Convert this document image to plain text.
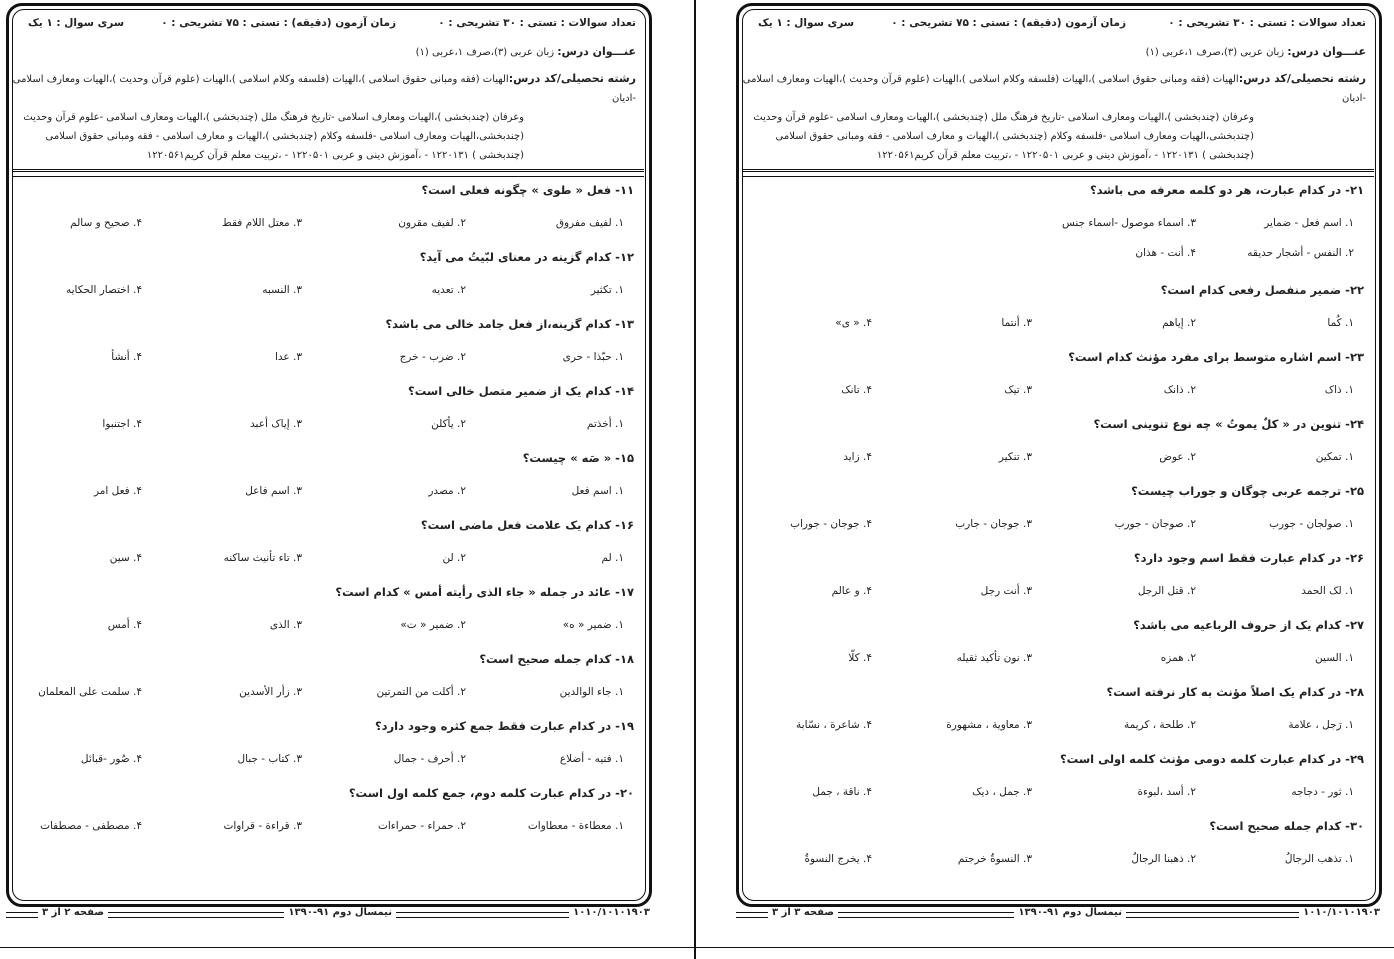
تعداد سوالات : تستی : ۳۰ تشریحی : ۰
زمان آزمون (دقیقه) : تستی : ۷۵ تشریحی : ۰
سری سوال : ۱ یک
عنـــوان درس: زبان عربی (۳)،صرف ۱،عربی (۱)
رشته تحصیلی/کد درس:الهیات (فقه ومبانی حقوق اسلامی )،الهیات (فلسفه وکلام اسلامی )،الهیات (علوم قرآن وحدیث )،الهیات ومعارف اسلامی -ادیان
وعرفان (چندبخشی )،الهیات ومعارف اسلامی -تاریخ فرهنگ ملل (چندبخشی )،الهیات ومعارف اسلامی -علوم قرآن وحدیث
(چندبخشی،الهیات ومعارف اسلامی -فلسفه وکلام (چندبخشی )،الهیات و معارف اسلامی - فقه ومبانی حقوق اسلامی
(چندبخشی ) ۱۲۲۰۱۳۱ - ،آموزش دینی و عربی ۱۲۲۰۵۰۱ - ،تربیت معلم قرآن کریم۱۲۲۰۵۶۱
۱۱- فعل « طوی » چگونه فعلی است؟
۱. لفیف مفروق
۲. لفیف مقرون
۳. معتل اللام فقط
۴. صحیح و سالم
۱۲- کدام گزینه در معنای لبّیتُ می آید؟
۱. تکثیر
۲. تعدیه
۳. النسبه
۴. اختصار الحکایه
۱۳- کدام گزینه،از فعل جامد خالی می باشد؟
۱. حبّذا - حری
۲. ضرب - خرج
۳. عدا
۴. أنشأ
۱۴- کدام یک از ضمیر متصل خالی است؟
۱. أخذتم
۲. یأکلن
۳. إیاک أعبد
۴. اجتنبوا
۱۵- « صَه » چیست؟
۱. اسم فعل
۲. مصدر
۳. اسم فاعل
۴. فعل امر
۱۶- کدام یک علامت فعل ماضی است؟
۱. لم
۲. لن
۳. تاء تأنیث ساکنه
۴. سین
۱۷- عائد در جمله « جاء الذی رأیته أمس » کدام است؟
۱. ضمیر « ه»
۲. ضمیر « ت»
۳. الذی
۴. أمس
۱۸- کدام جمله صحیح است؟
۱. جاء الوالدین
۲. أکلت من التمرتین
۳. زأر الأسدین
۴. سلمت علی المعلمان
۱۹- در کدام عبارت فقط جمع کثره وجود دارد؟
۱. فتیه - أضلاع
۲. أحرف - جمال
۳. کتاب - جبال
۴. صُور -قبائل
۲۰- در کدام عبارت کلمه دوم، جمع کلمه اول است؟
۱. معطاءة - معطاوات
۲. حمراء - حمراءات
۳. قراءة - قراوات
۴. مصطفی - مصطفات
۱۰۱۰/۱۰۱۰۱۹۰۳
نیمسال دوم ۹۱-۱۳۹۰
صفحه ۲ از ۳
تعداد سوالات : تستی : ۳۰ تشریحی : ۰
زمان آزمون (دقیقه) : تستی : ۷۵ تشریحی : ۰
سری سوال : ۱ یک
عنـــوان درس: زبان عربی (۳)،صرف ۱،عربی (۱)
رشته تحصیلی/کد درس:الهیات (فقه ومبانی حقوق اسلامی )،الهیات (فلسفه وکلام اسلامی )،الهیات (علوم قرآن وحدیث )،الهیات ومعارف اسلامی -ادیان
وعرفان (چندبخشی )،الهیات ومعارف اسلامی -تاریخ فرهنگ ملل (چندبخشی )،الهیات ومعارف اسلامی -علوم قرآن وحدیث
(چندبخشی،الهیات ومعارف اسلامی -فلسفه وکلام (چندبخشی )،الهیات و معارف اسلامی - فقه ومبانی حقوق اسلامی
(چندبخشی ) ۱۲۲۰۱۳۱ - ،آموزش دینی و عربی ۱۲۲۰۵۰۱ - ،تربیت معلم قرآن کریم۱۲۲۰۵۶۱
۲۱- در کدام عبارت، هر دو کلمه معرفه می باشد؟
۱. اسم فعل - ضمایر
۲. النفس - أشجار حدیقه
۳. اسماء موصول -اسماء جنس
۴. أنت - هذان
۲۲- ضمیر منفصل رفعی کدام است؟
۱. کُما
۲. إیاهم
۳. أنتما
۴. « ی»
۲۳- اسم اشاره متوسط برای مفرد مؤنث کدام است؟
۱. ذاک
۲. ذانک
۳. تیک
۴. تانک
۲۴- تنوین در « کلٌ یموتُ » چه نوع تنوینی است؟
۱. تمکین
۲. عوض
۳. تنکیر
۴. زاید
۲۵- ترجمه عربی چوگان و جوراب چیست؟
۱. صولجان - جورب
۲. صوجان - جورب
۳. جوجان - جارب
۴. جوجان - جوراب
۲۶- در کدام عبارت فقط اسم وجود دارد؟
۱. لک الحمد
۲. قتل الرجل
۳. أنت رجل
۴. و عالم
۲۷- کدام یک از حروف الرباعیه می باشد؟
۱. السین
۲. همزه
۳. نون تأکید ثقیله
۴. کلّا
۲۸- در کدام یک اصلاً مؤنث به کار نرفته است؟
۱. رَجل ، علامة
۲. طلحة ، کریمة
۳. معاویة ، مشهورة
۴. شاعرة ، نسّابة
۲۹- در کدام عبارت کلمه دومی مؤنث کلمه اولی است؟
۱. ثور - دجاجه
۲. أسد ،لبوءة
۳. جمل ، دیک
۴. ناقة ، جمل
۳۰- کدام جمله صحیح است؟
۱. تذهب الرجالُ
۲. ذهبنا الرجالُ
۳. النسوةُ خرجتم
۴. یخرج النسوةُ
۱۰۱۰/۱۰۱۰۱۹۰۳
نیمسال دوم ۹۱-۱۳۹۰
صفحه ۳ از ۳
